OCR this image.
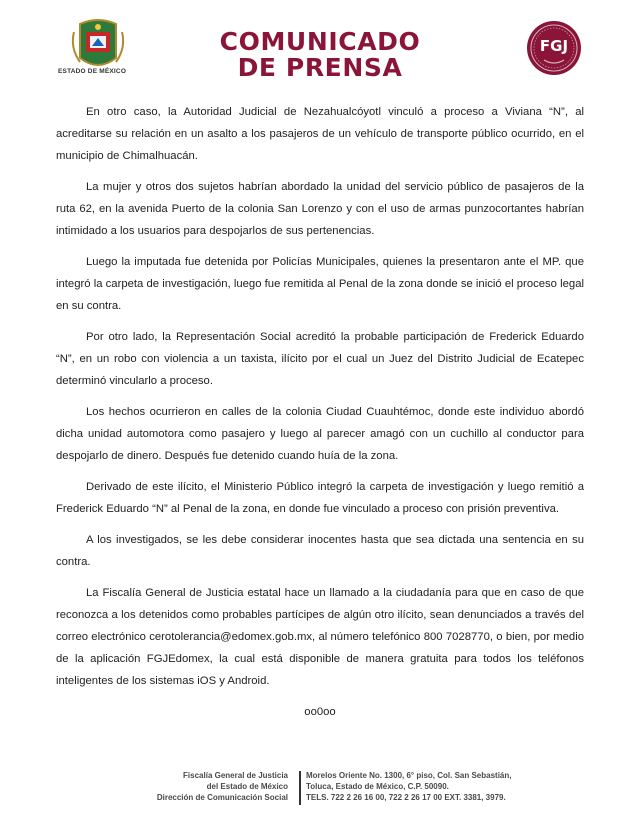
ESTADO DE MÉXICO
COMUNICADO
DE PRENSA
FGJ

En otro caso, la Autoridad Judicial de Nezahualcóyotl vinculó a proceso a Viviana “N”, al acreditarse su relación en un asalto a los pasajeros de un vehículo de transporte público ocurrido, en el municipio de Chimalhuacán.

La mujer y otros dos sujetos habrían abordado la unidad del servicio público de pasajeros de la ruta 62, en la avenida Puerto de la colonia San Lorenzo y con el uso de armas punzocortantes habrían intimidado a los usuarios para despojarlos de sus pertenencias.

Luego la imputada fue detenida por Policías Municipales, quienes la presentaron ante el MP. que integró la carpeta de investigación, luego fue remitida al Penal de la zona donde se inició el proceso legal en su contra.

Por otro lado, la Representación Social acreditó la probable participación de Frederick Eduardo “N”, en un robo con violencia a un taxista, ilícito por el cual un Juez del Distrito Judicial de Ecatepec determinó vincularlo a proceso.

Los hechos ocurrieron en calles de la colonia Ciudad Cuauhtémoc, donde este individuo abordó dicha unidad automotora como pasajero y luego al parecer amagó con un cuchillo al conductor para despojarlo de dinero. Después fue detenido cuando huía de la zona.

Derivado de este ilícito, el Ministerio Público integró la carpeta de investigación y luego remitió a Frederick Eduardo “N” al Penal de la zona, en donde fue vinculado a proceso con prisión preventiva.

A los investigados, se les debe considerar inocentes hasta que sea dictada una sentencia en su contra.

La Fiscalía General de Justicia estatal hace un llamado a la ciudadanía para que en caso de que reconozca a los detenidos como probables partícipes de algún otro ilícito, sean denunciados a través del correo electrónico cerotolerancia@edomex.gob.mx, al número telefónico 800 7028770, o bien, por medio de la aplicación FGJEdomex, la cual está disponible de manera gratuita para todos los teléfonos inteligentes de los sistemas iOS y Android.

oo0oo

Fiscalía General de Justicia
del Estado de México
Dirección de Comunicación Social
Morelos Oriente No. 1300, 6° piso, Col. San Sebastián,
Toluca, Estado de México, C.P. 50090.
TELS. 722 2 26 16 00, 722 2 26 17 00 EXT. 3381, 3979.
